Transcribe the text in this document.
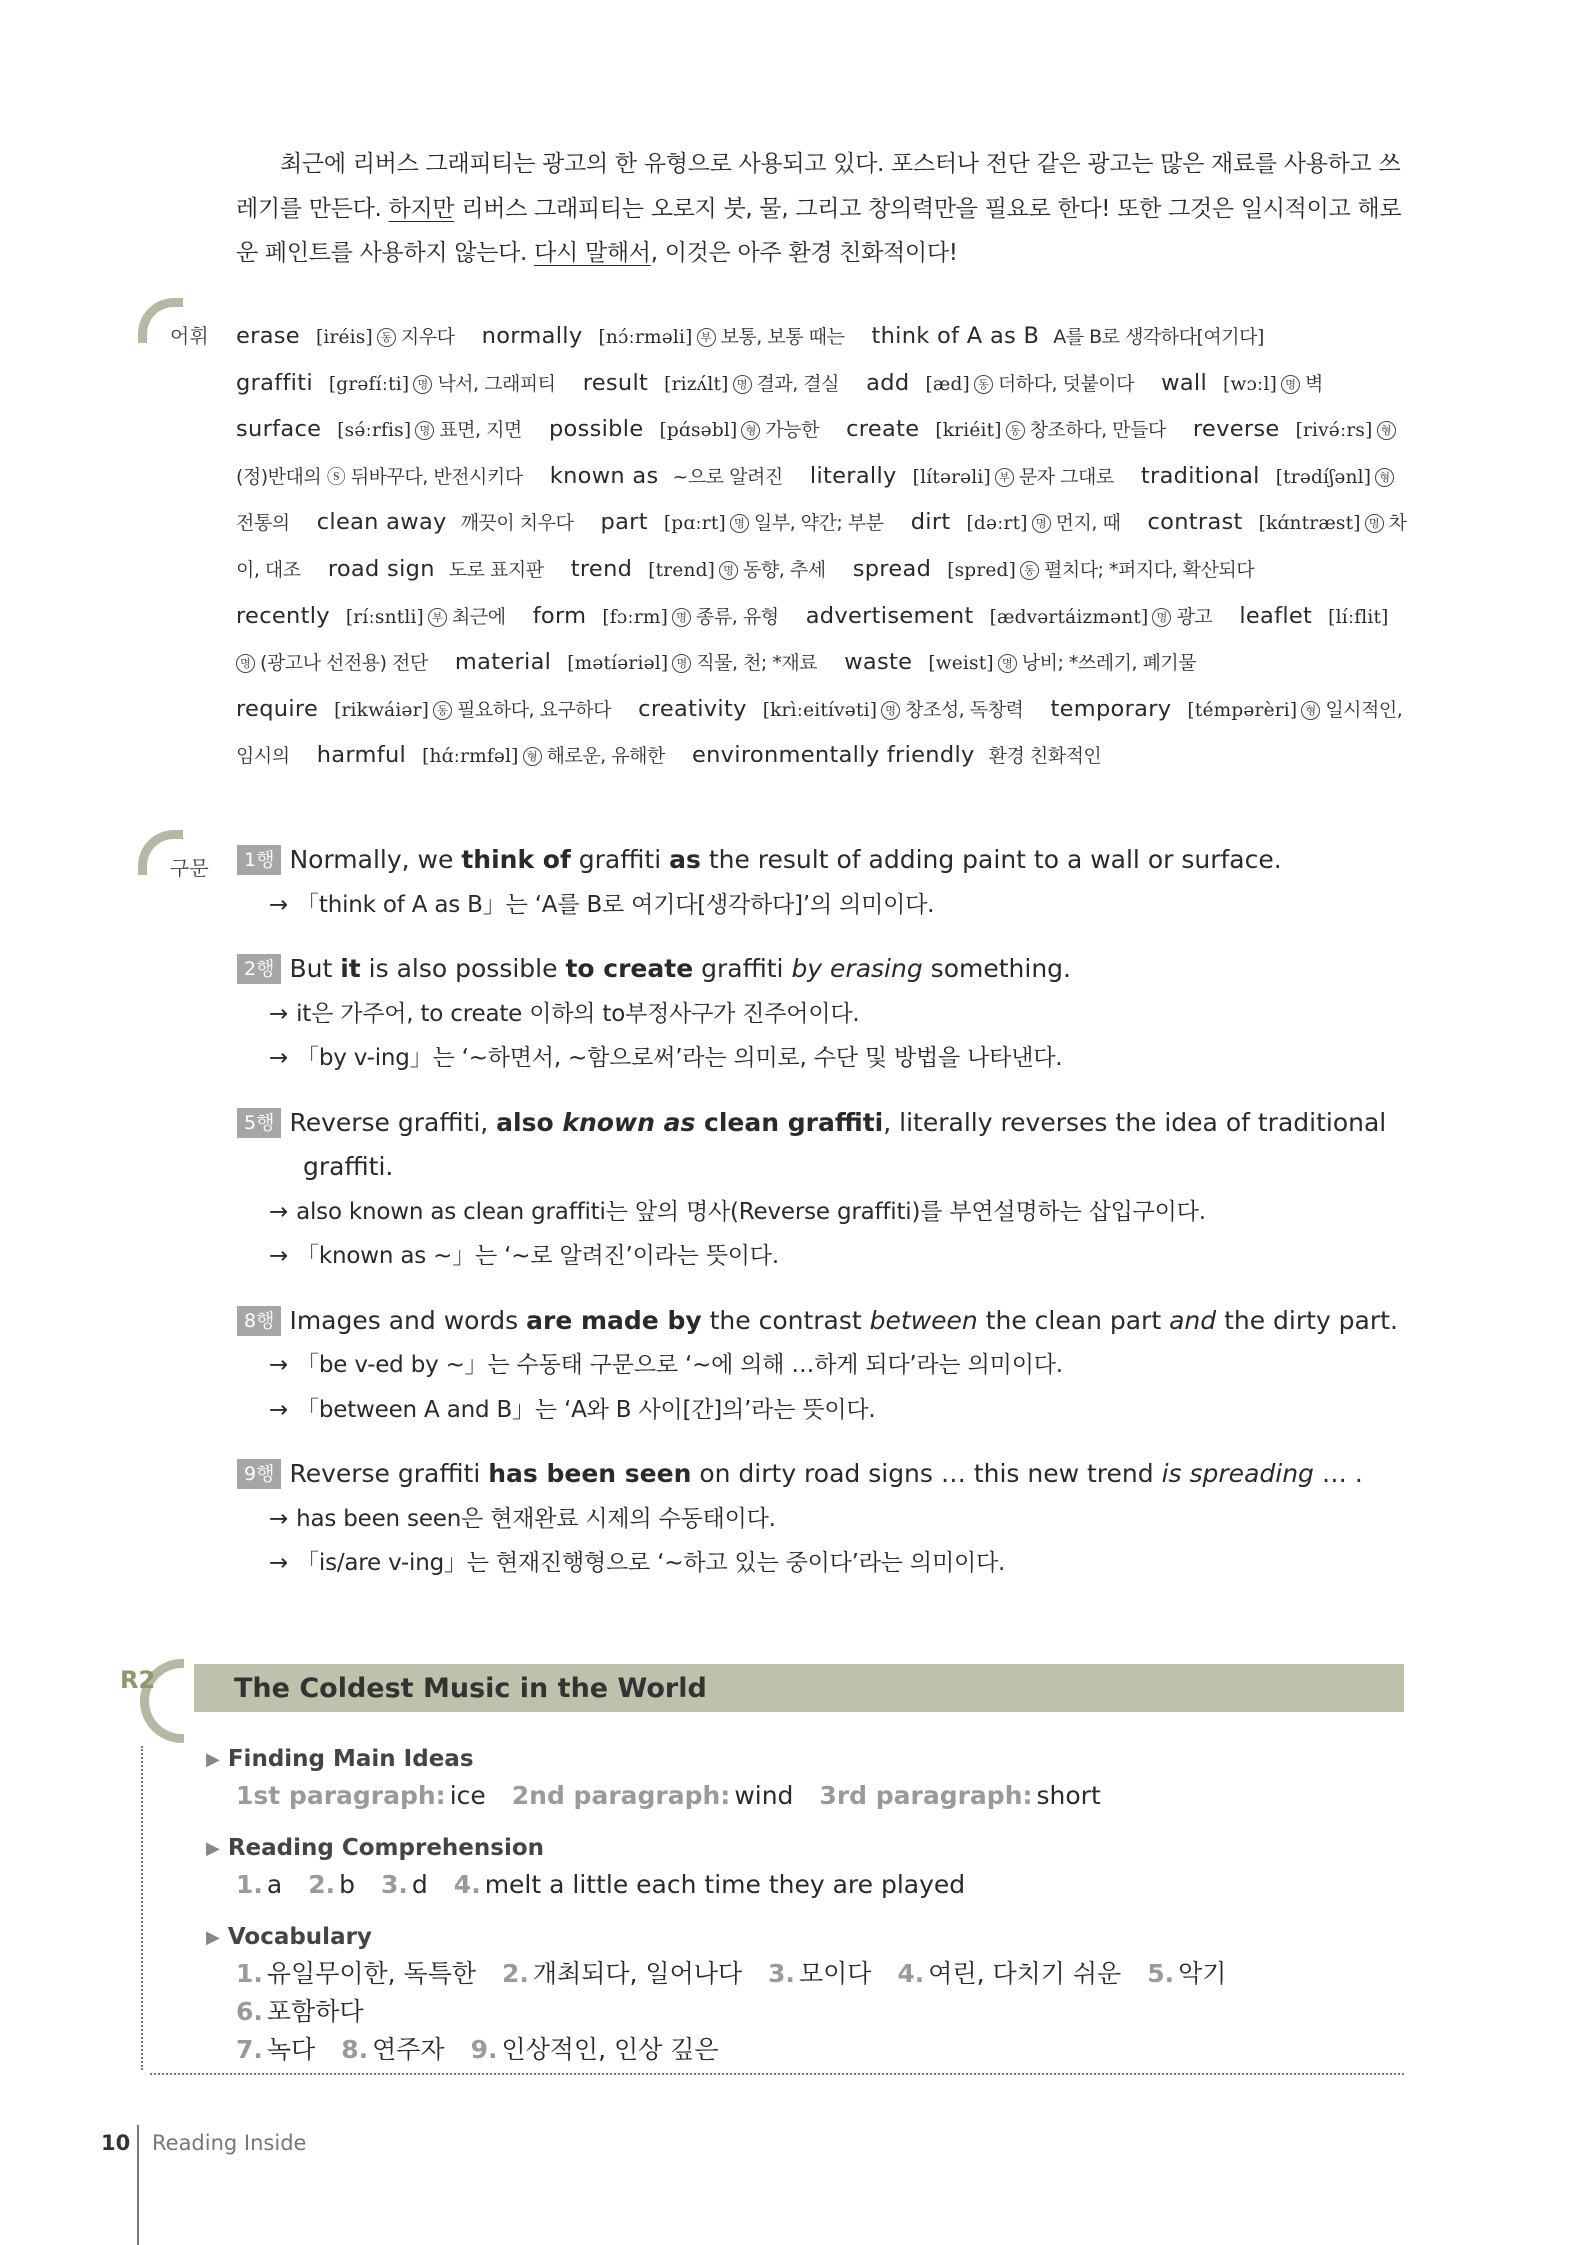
최근에 리버스 그래피티는 광고의 한 유형으로 사용되고 있다. 포스터나 전단 같은 광고는 많은 재료를 사용하고 쓰레기를 만든다. 하지만 리버스 그래피티는 오로지 붓, 물, 그리고 창의력만을 필요로 한다! 또한 그것은 일시적이고 해로운 페인트를 사용하지 않는다. 다시 말해서, 이것은 아주 환경 친화적이다!

어휘 erase [iréis] 동 지우다 normally [nɔ́ːrməli] 부 보통, 보통 때는 think of A as B A를 B로 생각하다[여기다] graffiti [grəfíːti] 명 낙서, 그래피티 result [rizʌ́lt] 명 결과, 결실 add [æd] 동 더하다, 덧붙이다 wall [wɔːl] 명 벽 surface [sə́ːrfis] 명 표면, 지면 possible [pɑ́səbl] 형 가능한 create [kriéit] 동 창조하다, 만들다 reverse [rivə́ːrs] 형(정)반대의 ⓢ 뒤바꾸다, 반전시키다 known as ~으로 알려진 literally [lítərəli] 부 문자 그대로 traditional [trədíʃənl] 형전통의 clean away 깨끗이 치우다 part [pɑːrt] 명 일부, 약간; 부분 dirt [dəːrt] 명 먼지, 때 contrast [kɑ́ntræst] 명 차이, 대조 road sign 도로 표지판 trend [trend] 명 동향, 추세 spread [spred] 동 펼치다; *퍼지다, 확산되다 recently [ríːsntli] 부 최근에 form [fɔːrm] 명 종류, 유형 advertisement [ӕdvərtáizmənt] 명 광고 leaflet [líːflit]명 (광고나 선전용) 전단 material [mətíəriəl] 명 직물, 천; *재료 waste [weist] 명 낭비; *쓰레기, 폐기물 require [rikwáiər] 동 필요하다, 요구하다 creativity [krìːeitívəti] 명 창조성, 독창력 temporary [témpərèri] 형 일시적인, 임시의 harmful [hɑ́ːrmfəl] 형 해로운, 유해한 environmentally friendly 환경 친화적인
구문	1행 Normally, we think of graffiti as the result of adding paint to a wall or surface.
→ 「think of A as B」는 ‘A를 B로 여기다[생각하다]’의 의미이다.
2행 But it is also possible to create graffiti by erasing something.
→ it은 가주어, to create 이하의 to부정사구가 진주어이다.
→ 「by v-ing」는 ‘~하면서, ~함으로써’라는 의미로, 수단 및 방법을 나타낸다.
5행 Reverse graffiti, also known as clean graffiti, literally reverses the idea of traditional
graffiti.
→ also known as clean graffiti는 앞의 명사(Reverse graffiti)를 부연설명하는 삽입구이다.
→ 「known as ~」는 ‘~로 알려진’이라는 뜻이다.
8행 Images and words are made by the contrast between the clean part and the dirty part.
→ 「be v-ed by ~」는 수동태 구문으로 ‘~에 의해 …하게 되다’라는 의미이다.
→ 「between A and B」는 ‘A와 B 사이[간]의’라는 뜻이다.
9행 Reverse graffiti has been seen on dirty road signs … this new trend is spreading … .
→ has been seen은 현재완료 시제의 수동태이다.
→ 「is/are v-ing」는 현재진행형으로 ‘~하고 있는 중이다’라는 의미이다.
R2	The Coldest Music in the World
▶ Finding Main Ideas
1st paragraph: ice 2nd paragraph: wind 3rd paragraph: short
▶ Reading Comprehension
1. a 2. b 3. d 4. melt a little each time they are played
▶ Vocabulary
1. 유일무이한, 독특한 2. 개최되다, 일어나다 3. 모이다 4. 여린, 다치기 쉬운 5. 악기6. 포함하다
7. 녹다 8. 연주자 9. 인상적인, 인상 깊은
10 Reading Inside
